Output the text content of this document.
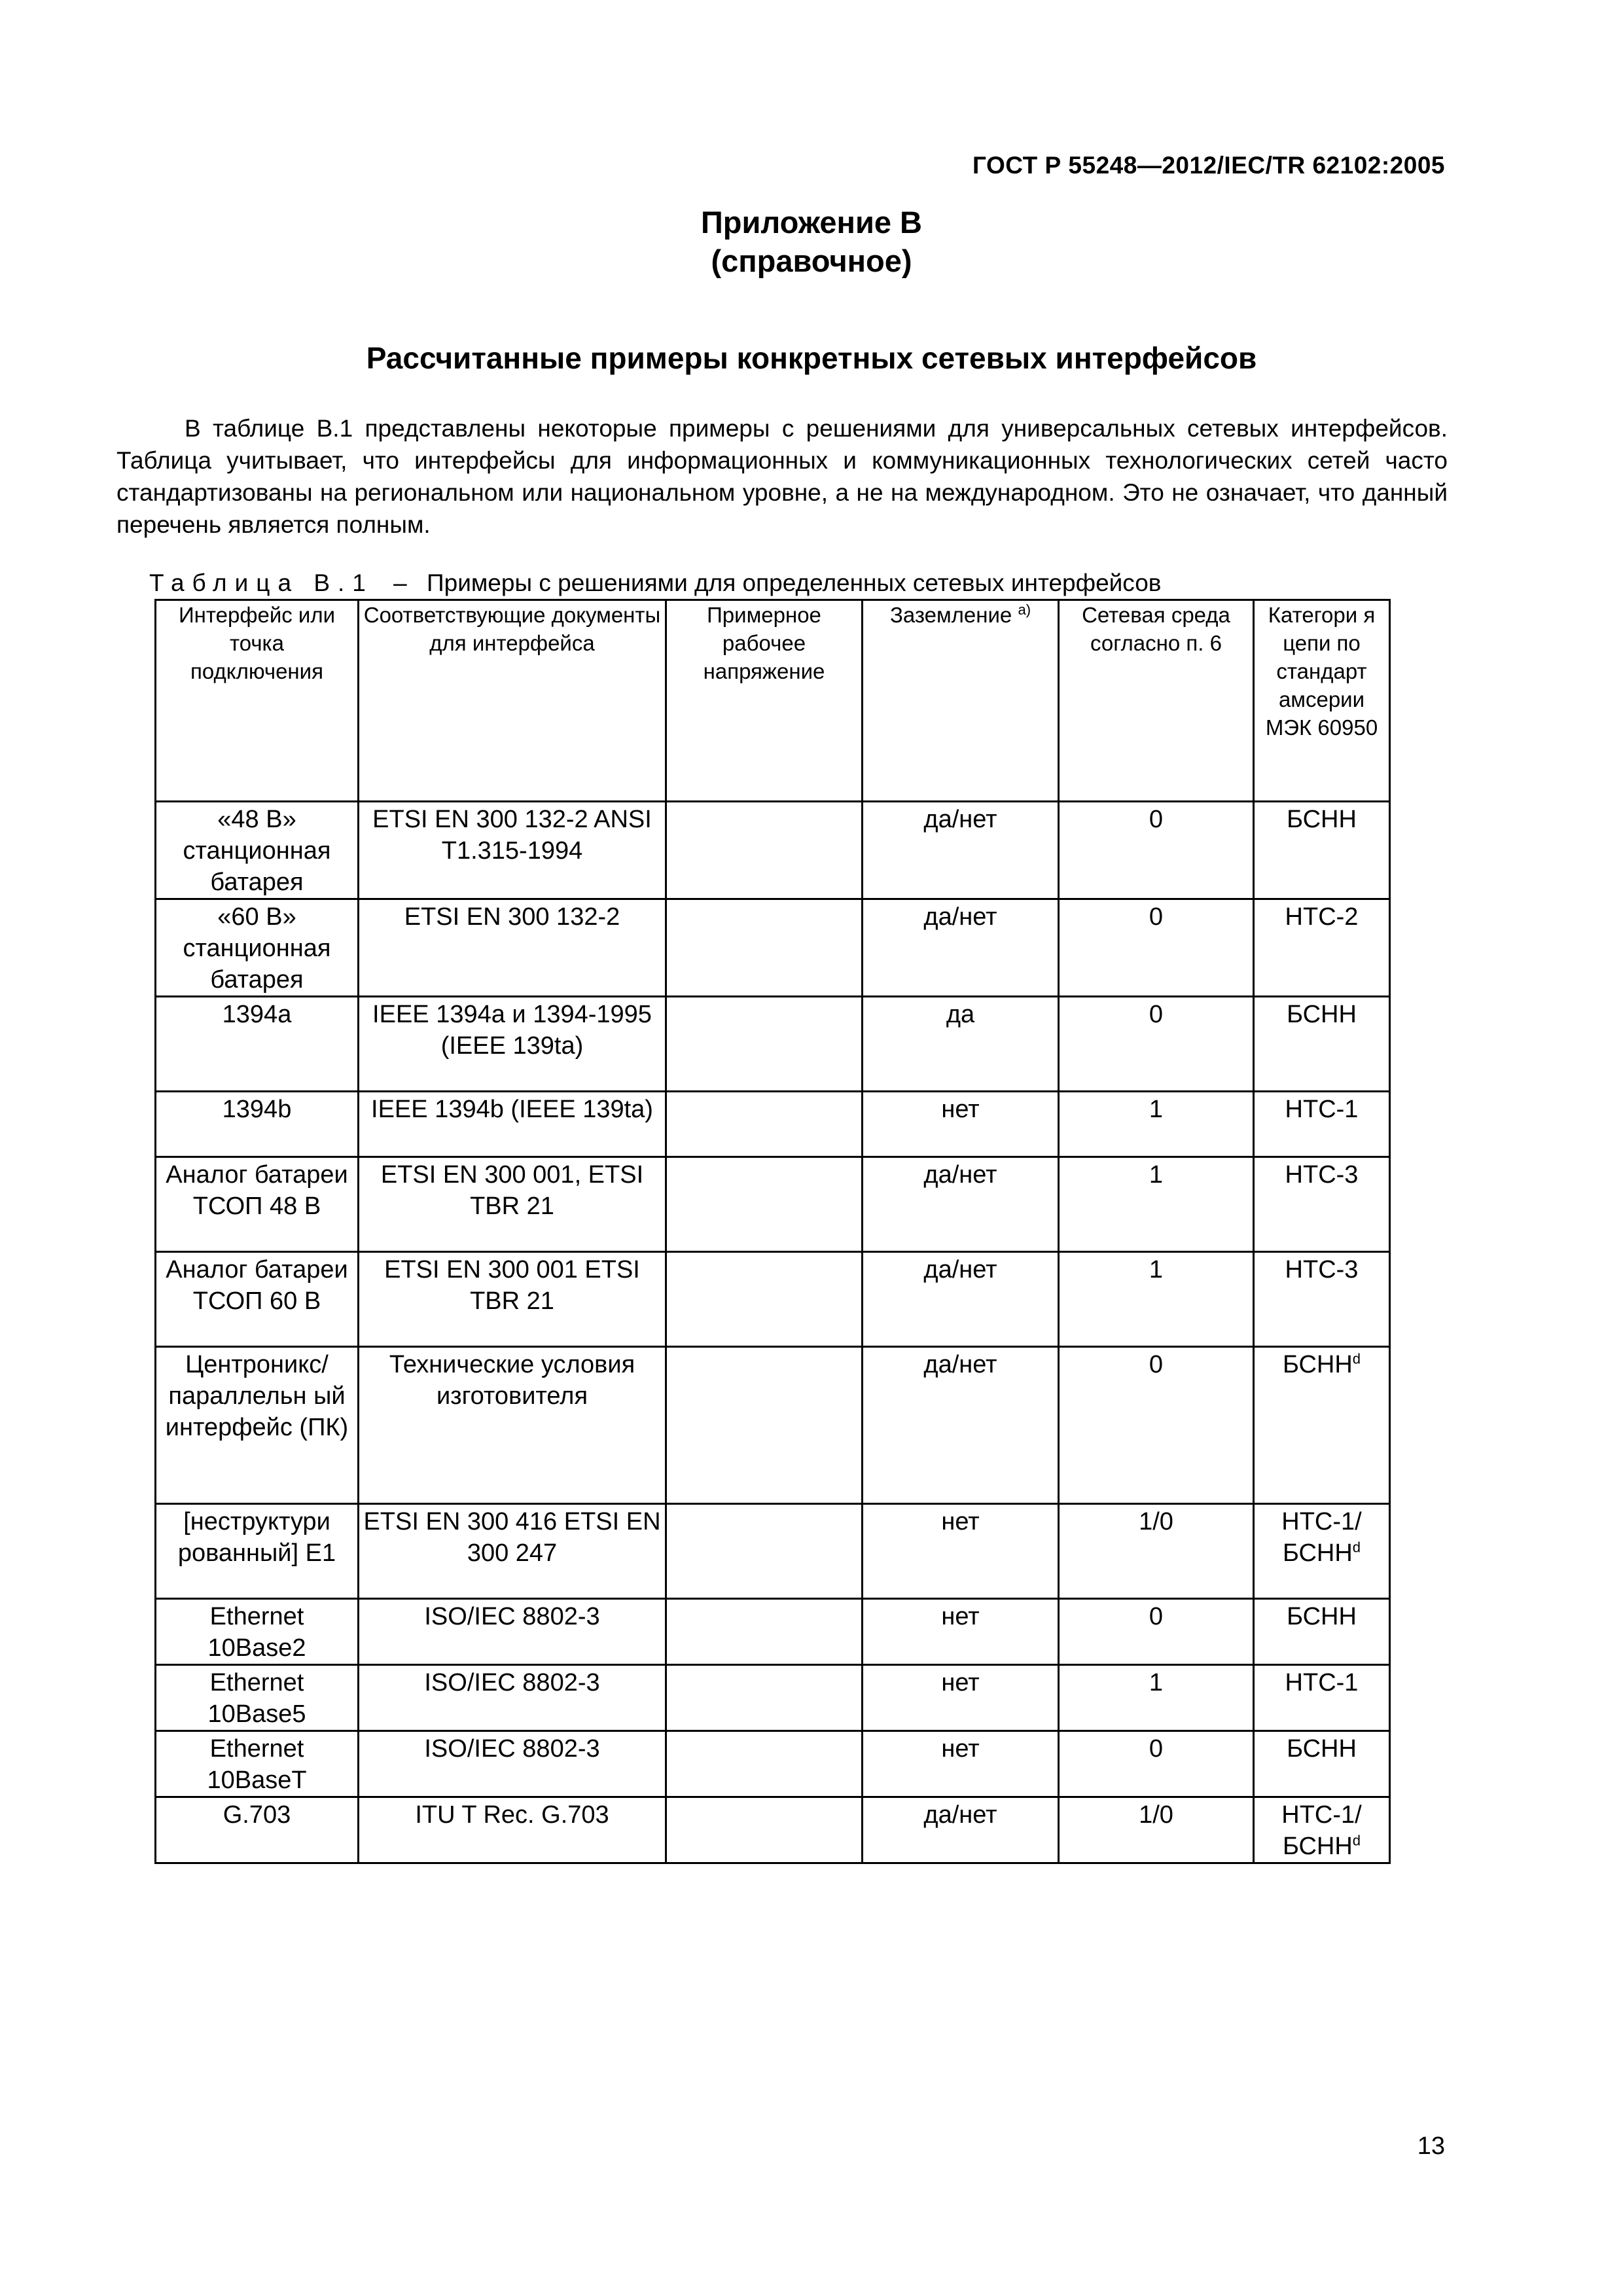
ГОСТ Р 55248—2012/IEC/TR 62102:2005
Приложение В
(справочное)
Рассчитанные примеры конкретных сетевых интерфейсов

В таблице В.1 представлены некоторые примеры с решениями для универсальных сетевых интерфейсов. Таблица учитывает, что интерфейсы для информационных и коммуникационных технологических сетей часто стандартизованы на региональном или национальном уровне, а не на международном. Это не означает, что данный перечень является полным.

Таблица В.1 – Примеры с решениями для определенных сетевых интерфейсов
Интерфейс или точка подключения	Соответствующие документы для интерфейса	Примерное рабочее напряжение	Заземление $^{а)}$	Сетевая среда согласно п. 6	Категори я цепи по стандарт амсерии МЭК 60950
«48 В» станционная батарея	ETSI EN 300 132-2 ANSI T1.315-1994		да/нет	0	БСНН
«60 В» станционная батарея	ETSI EN 300 132-2		да/нет	0	НТС-2
1394a	IEEE 1394a и 1394-1995 (IEEE 139ta)		да	0	БСНН
1394b	IEEE 1394b (IEEE 139ta)		нет	1	НТС-1
Аналог батареи ТСОП 48 В	ETSI EN 300 001, ETSI TBR 21		да/нет	1	НТС-3
Аналог батареи ТСОП 60 В	ETSI EN 300 001 ETSI TBR 21		да/нет	1	НТС-3
Центроникс/ параллельн ый интерфейс (ПК)	Технические условия изготовителя		да/нет	0	БСНН$^d$
[неструктури рованный] E1	ETSI EN 300 416 ETSI EN 300 247		нет	1/0	НТС-1/ БСНН$^d$
Ethernet 10Base2	ISO/IEC 8802-3		нет	0	БСНН
Ethernet 10Base5	ISO/IEC 8802-3		нет	1	НТС-1
Ethernet 10BaseT	ISO/IEC 8802-3		нет	0	БСНН
G.703	ITU T Rec. G.703		да/нет	1/0	НТС-1/ БСНН$^d$
13
